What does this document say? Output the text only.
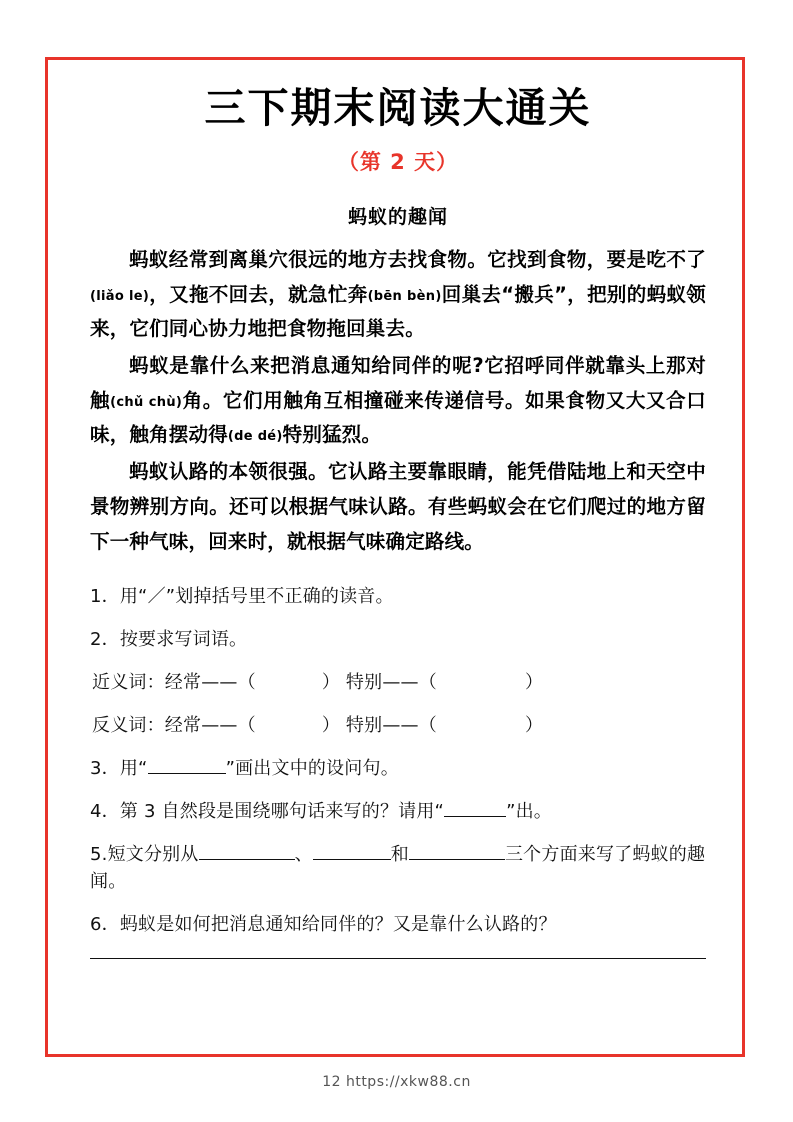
三下期末阅读大通关
（第 2 天）
蚂蚁的趣闻

蚂蚁经常到离巢穴很远的地方去找食物。它找到食物，要是吃不了(liǎo le)，又拖不回去，就急忙奔(bēn bèn)回巢去“搬兵”，把别的蚂蚁领来，它们同心协力地把食物拖回巢去。

蚂蚁是靠什么来把消息通知给同伴的呢?它招呼同伴就靠头上那对触(chǔ chù)角。它们用触角互相撞碰来传递信号。如果食物又大又合口味，触角摆动得(de dé)特别猛烈。

蚂蚁认路的本领很强。它认路主要靠眼睛，能凭借陆地上和天空中景物辨别方向。还可以根据气味认路。有些蚂蚁会在它们爬过的地方留下一种气味，回来时，就根据气味确定路线。

1．用“／”划掉括号里不正确的读音。

2．按要求写词语。

近义词：经常——（	） 特别——（	）

反义词：经常——（	） 特别——（	）

3．用“	”画出文中的设问句。

4．第 3 自然段是围绕哪句话来写的？请用“	”出。

5.短文分别从	、	和	三个方面来写了蚂蚁的趣闻。

6．蚂蚁是如何把消息通知给同伴的？又是靠什么认路的？

12 https://xkw88.cn
